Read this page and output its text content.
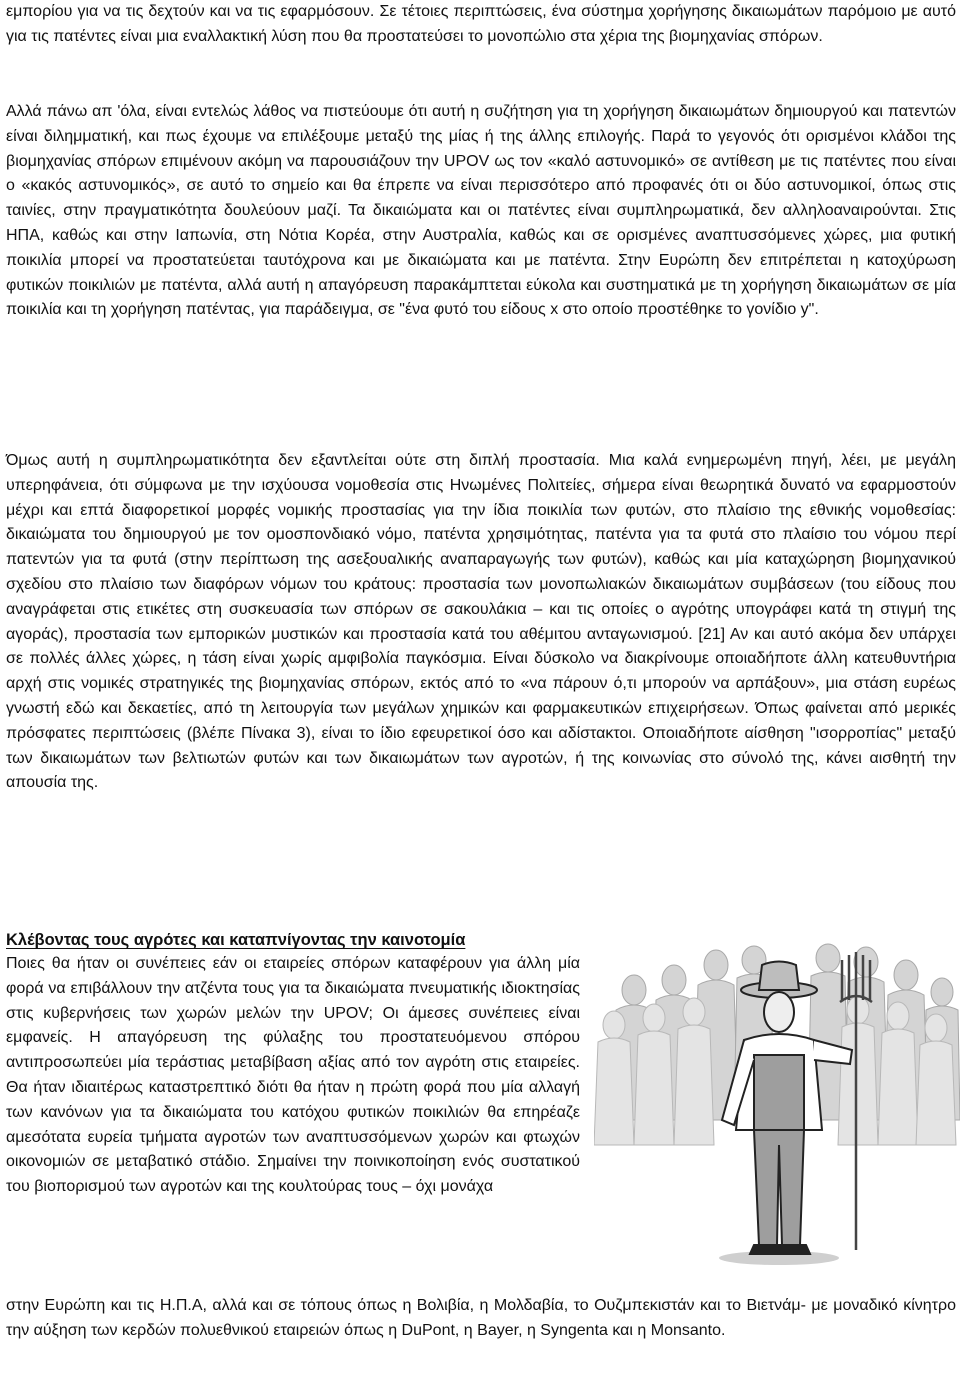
εμπορίου για να τις δεχτούν και να τις εφαρμόσουν. Σε τέτοιες περιπτώσεις, ένα σύστημα χορήγησης δικαιωμάτων παρόμοιο με αυτό για τις πατέντες είναι μια εναλλακτική λύση που θα προστατεύσει το μονοπώλιο στα χέρια της βιομηχανίας σπόρων.

Αλλά πάνω απ 'όλα, είναι εντελώς λάθος να πιστεύουμε ότι αυτή η συζήτηση για τη χορήγηση δικαιωμάτων δημιουργού και πατεντών είναι διλημματική, και πως έχουμε να επιλέξουμε μεταξύ της μίας ή της άλλης επιλογής. Παρά το γεγονός ότι ορισμένοι κλάδοι της βιομηχανίας σπόρων επιμένουν ακόμη να παρουσιάζουν την UPOV ως τον «καλό αστυνομικό» σε αντίθεση με τις πατέντες που είναι ο «κακός αστυνομικός», σε αυτό το σημείο και θα έπρεπε να είναι περισσότερο από προφανές ότι οι δύο αστυνομικοί, όπως στις ταινίες, στην πραγματικότητα δουλεύουν μαζί. Τα δικαιώματα και οι πατέντες είναι συμπληρωματικά, δεν αλληλοαναιρούνται. Στις ΗΠΑ, καθώς και στην Ιαπωνία, στη Νότια Κορέα, στην Αυστραλία, καθώς και σε ορισμένες αναπτυσσόμενες χώρες, μια φυτική ποικιλία μπορεί να προστατεύεται ταυτόχρονα και με δικαιώματα και με πατέντα. Στην Ευρώπη δεν επιτρέπεται η κατοχύρωση φυτικών ποικιλιών με πατέντα, αλλά αυτή η απαγόρευση παρακάμπτεται εύκολα και συστηματικά με τη χορήγηση δικαιωμάτων σε μία ποικιλία και τη χορήγηση πατέντας, για παράδειγμα, σε "ένα φυτό του είδους x στο οποίο προστέθηκε το γονίδιο y".

Όμως αυτή η συμπληρωματικότητα δεν εξαντλείται ούτε στη διπλή προστασία. Μια καλά ενημερωμένη πηγή, λέει, με μεγάλη υπερηφάνεια, ότι σύμφωνα με την ισχύουσα νομοθεσία στις Ηνωμένες Πολιτείες, σήμερα είναι θεωρητικά δυνατό να εφαρμοστούν μέχρι και επτά διαφορετικοί μορφές νομικής προστασίας για την ίδια ποικιλία των φυτών, στο πλαίσιο της εθνικής νομοθεσίας: δικαιώματα του δημιουργού με τον ομοσπονδιακό νόμο, πατέντα χρησιμότητας, πατέντα για τα φυτά στο πλαίσιο του νόμου περί πατεντών για τα φυτά (στην περίπτωση της ασεξουαλικής αναπαραγωγής των φυτών), καθώς και μία καταχώρηση βιομηχανικού σχεδίου στο πλαίσιο των διαφόρων νόμων του κράτους: προστασία των μονοπωλιακών δικαιωμάτων συμβάσεων (του είδους που αναγράφεται στις ετικέτες στη συσκευασία των σπόρων σε σακουλάκια – και τις οποίες ο αγρότης υπογράφει κατά τη στιγμή της αγοράς), προστασία των εμπορικών μυστικών και προστασία κατά του αθέμιτου ανταγωνισμού. [21] Αν και αυτό ακόμα δεν υπάρχει σε πολλές άλλες χώρες, η τάση είναι χωρίς αμφιβολία παγκόσμια. Είναι δύσκολο να διακρίνουμε οποιαδήποτε άλλη κατευθυντήρια αρχή στις νομικές στρατηγικές της βιομηχανίας σπόρων, εκτός από το «να πάρουν ό,τι μπορούν να αρπάξουν», μια στάση ευρέως γνωστή εδώ και δεκαετίες, από τη λειτουργία των μεγάλων χημικών και φαρμακευτικών επιχειρήσεων. Όπως φαίνεται από μερικές πρόσφατες περιπτώσεις (βλέπε Πίνακα 3), είναι το ίδιο εφευρετικοί όσο και αδίστακτοι. Οποιαδήποτε αίσθηση "ισορροπίας" μεταξύ των δικαιωμάτων των βελτιωτών φυτών και των δικαιωμάτων των αγροτών, ή της κοινωνίας στο σύνολό της, κάνει αισθητή την απουσία της.

Κλέβοντας τους αγρότες και καταπνίγοντας την καινοτομία

Ποιες θα ήταν οι συνέπειες εάν οι εταιρείες σπόρων καταφέρουν για άλλη μία φορά να επιβάλλουν την ατζέντα τους για τα δικαιώματα πνευματικής ιδιοκτησίας στις κυβερνήσεις των χωρών μελών την UPOV; Οι άμεσες συνέπειες είναι εμφανείς. Η απαγόρευση της φύλαξης του προστατευόμενου σπόρου αντιπροσωπεύει μία τεράστιας μεταβίβαση αξίας από τον αγρότη στις εταιρείες. Θα ήταν ιδιαιτέρως καταστρεπτικό διότι θα ήταν η πρώτη φορά που μία αλλαγή των κανόνων για τα δικαιώματα του κατόχου φυτικών ποικιλιών θα επηρέαζε αμεσότατα ευρεία τμήματα αγροτών των αναπτυσσόμενων χωρών και φτωχών οικονομιών σε μεταβατικό στάδιο. Σημαίνει την ποινικοποίηση ενός συστατικού του βιοπορισμού των αγροτών και της κουλτούρας τους – όχι μονάχα

στην Ευρώπη και τις Η.Π.Α, αλλά και σε τόπους όπως η Βολιβία, η Μολδαβία, το Ουζμπεκιστάν και το Βιετνάμ- με μοναδικό κίνητρο την αύξηση των κερδών πολυεθνικού εταιρειών όπως η DuPont, η Bayer, η Syngenta και η Monsanto.
